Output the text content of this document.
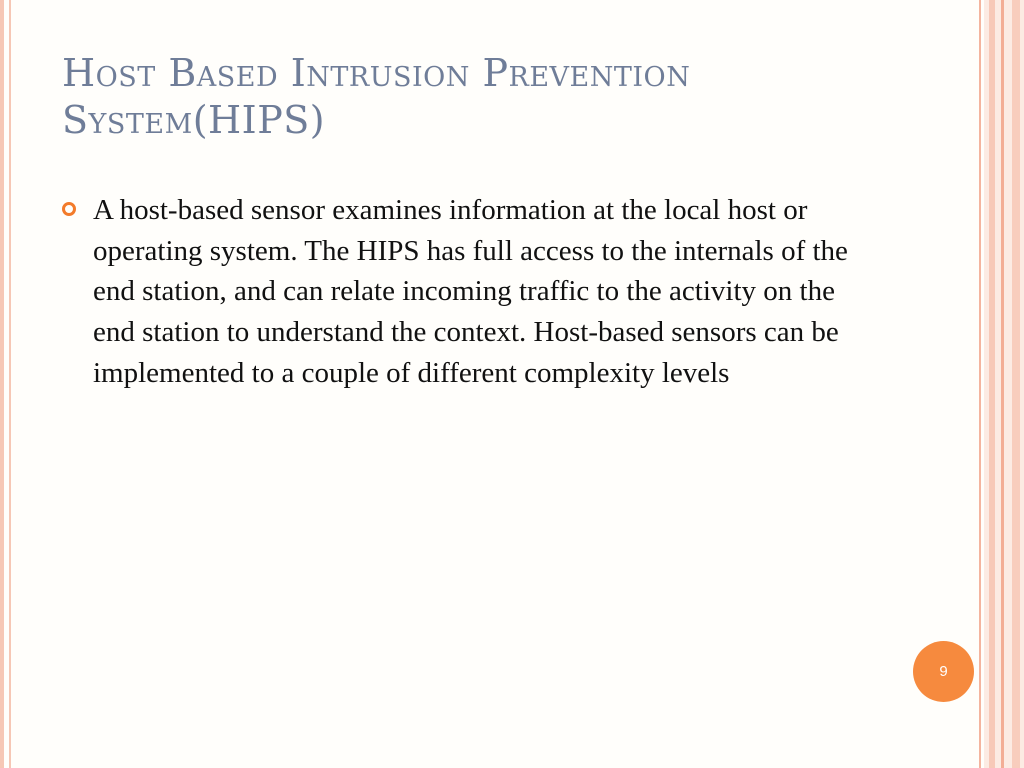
Host Based Intrusion Prevention System(HIPS)
A host-based sensor examines information at the local host or operating system. The HIPS has full access to the internals of the end station, and can relate incoming traffic to the activity on the end station to understand the context. Host-based sensors can be implemented to a couple of different complexity levels
9
